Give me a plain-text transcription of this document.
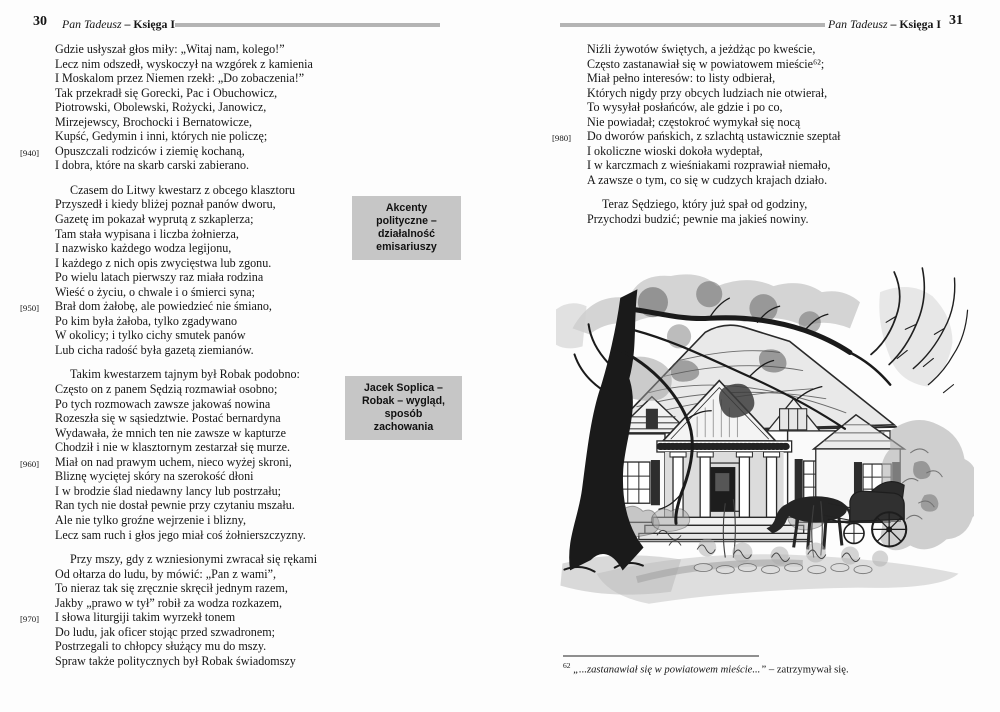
30 Pan Tadeusz – Księga I
Gdzie usłyszał głos miły: „Witaj nam, kolego!”
Lecz nim odszedł, wyskoczył na wzgórek z kamienia
I Moskalom przez Niemen rzekł: „Do zobaczenia!”
Tak przekradł się Gorecki, Pac i Obuchowicz,
Piotrowski, Obolewski, Rożycki, Janowicz,
Mirzejewscy, Brochocki i Bernatowicze,
Kupść, Gedymin i inni, których nie policzę;
[940] Opuszczali rodziców i ziemię kochaną,
I dobra, które na skarb carski zabierano.
Czasem do Litwy kwestarz z obcego klasztoru
Przyszedł i kiedy bliżej poznał panów dworu,
Gazetę im pokazał wyprutą z szkaplerza;
Tam stała wypisana i liczba żołnierza,
I nazwisko każdego wodza legijonu,
I każdego z nich opis zwycięstwa lub zgonu.
Po wielu latach pierwszy raz miała rodzina
Wieść o życiu, o chwale i o śmierci syna;
[950] Brał dom żałobę, ale powiedzieć nie śmiano,
Po kim była żałoba, tylko zgadywano
W okolicy; i tylko cichy smutek panów
Lub cicha radość była gazetą ziemianów.
Takim kwestarzem tajnym był Robak podobno:
Często on z panem Sędzią rozmawiał osobno;
Po tych rozmowach zawsze jakowaś nowina
Rozeszła się w sąsiedztwie. Postać bernardyna
Wydawała, że mnich ten nie zawsze w kapturze
Chodził i nie w klasztornym zestarzał się murze.
[960] Miał on nad prawym uchem, nieco wyżej skroni,
Bliznę wyciętej skóry na szerokość dłoni
I w brodzie ślad niedawny lancy lub postrzału;
Ran tych nie dostał pewnie przy czytaniu mszału.
Ale nie tylko groźne wejrzenie i blizny,
Lecz sam ruch i głos jego miał coś żołnierszczyzny.
Przy mszy, gdy z wzniesionymi zwracał się rękami
Od ołtarza do ludu, by mówić: „Pan z wami”,
To nieraz tak się zręcznie skręcił jednym razem,
Jakby „prawo w tył” robił za wodza rozkazem,
[970] I słowa liturgiji takim wyrzekł tonem
Do ludu, jak oficer stojąc przed szwadronem;
Postrzegali to chłopcy służący mu do mszy.
Spraw także politycznych był Robak świadomszy
Akcenty
polityczne –
działalność
emisariuszy
Jacek Soplica –
Robak – wygląd,
sposób
zachowania
Pan Tadeusz – Księga I 31
Niźli żywotów świętych, a jeżdżąc po kweście,
Często zastanawiał się w powiatowem mieście⁶²;
Miał pełno interesów: to listy odbierał,
Których nigdy przy obcych ludziach nie otwierał,
To wysyłał posłańców, ale gdzie i po co,
Nie powiadał; częstokroć wymykał się nocą
[980] Do dworów pańskich, z szlachtą ustawicznie szeptał
I okoliczne wioski dokoła wydeptał,
I w karczmach z wieśniakami rozprawiał niemało,
A zawsze o tym, co się w cudzych krajach działo.
Teraz Sędziego, który już spał od godziny,
Przychodzi budzić; pewnie ma jakieś nowiny.
$^{62}$ „...zastanawiał się w powiatowem mieście...” – zatrzymywał się.
